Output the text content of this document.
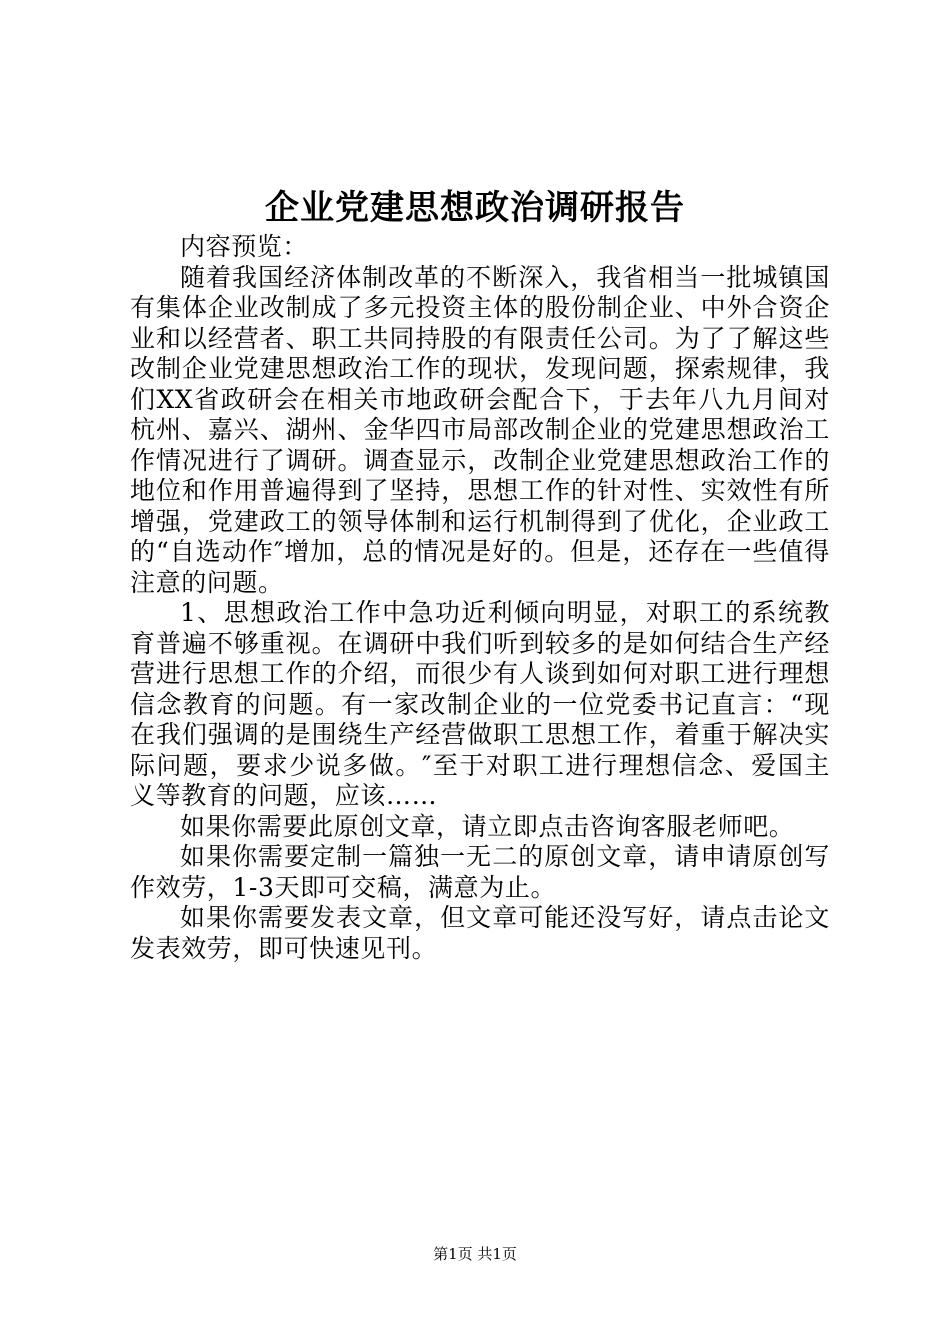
企业党建思想政治调研报告

内容预览：

随着我国经济体制改革的不断深入，我省相当一批城镇国有集体企业改制成了多元投资主体的股份制企业、中外合资企业和以经营者、职工共同持股的有限责任公司。为了了解这些改制企业党建思想政治工作的现状，发现问题，探索规律，我们XX省政研会在相关市地政研会配合下，于去年八九月间对杭州、嘉兴、湖州、金华四市局部改制企业的党建思想政治工作情况进行了调研。调查显示，改制企业党建思想政治工作的地位和作用普遍得到了坚持，思想工作的针对性、实效性有所增强，党建政工的领导体制和运行机制得到了优化，企业政工的“自选动作″增加，总的情况是好的。但是，还存在一些值得注意的问题。

1、思想政治工作中急功近利倾向明显，对职工的系统教育普遍不够重视。在调研中我们听到较多的是如何结合生产经营进行思想工作的介绍，而很少有人谈到如何对职工进行理想信念教育的问题。有一家改制企业的一位党委书记直言：“现在我们强调的是围绕生产经营做职工思想工作，着重于解决实际问题，要求少说多做。″至于对职工进行理想信念、爱国主义等教育的问题，应该……

如果你需要此原创文章，请立即点击咨询客服老师吧。

如果你需要定制一篇独一无二的原创文章，请申请原创写作效劳，1-3天即可交稿，满意为止。

如果你需要发表文章，但文章可能还没写好，请点击论文发表效劳，即可快速见刊。

第1页 共1页
